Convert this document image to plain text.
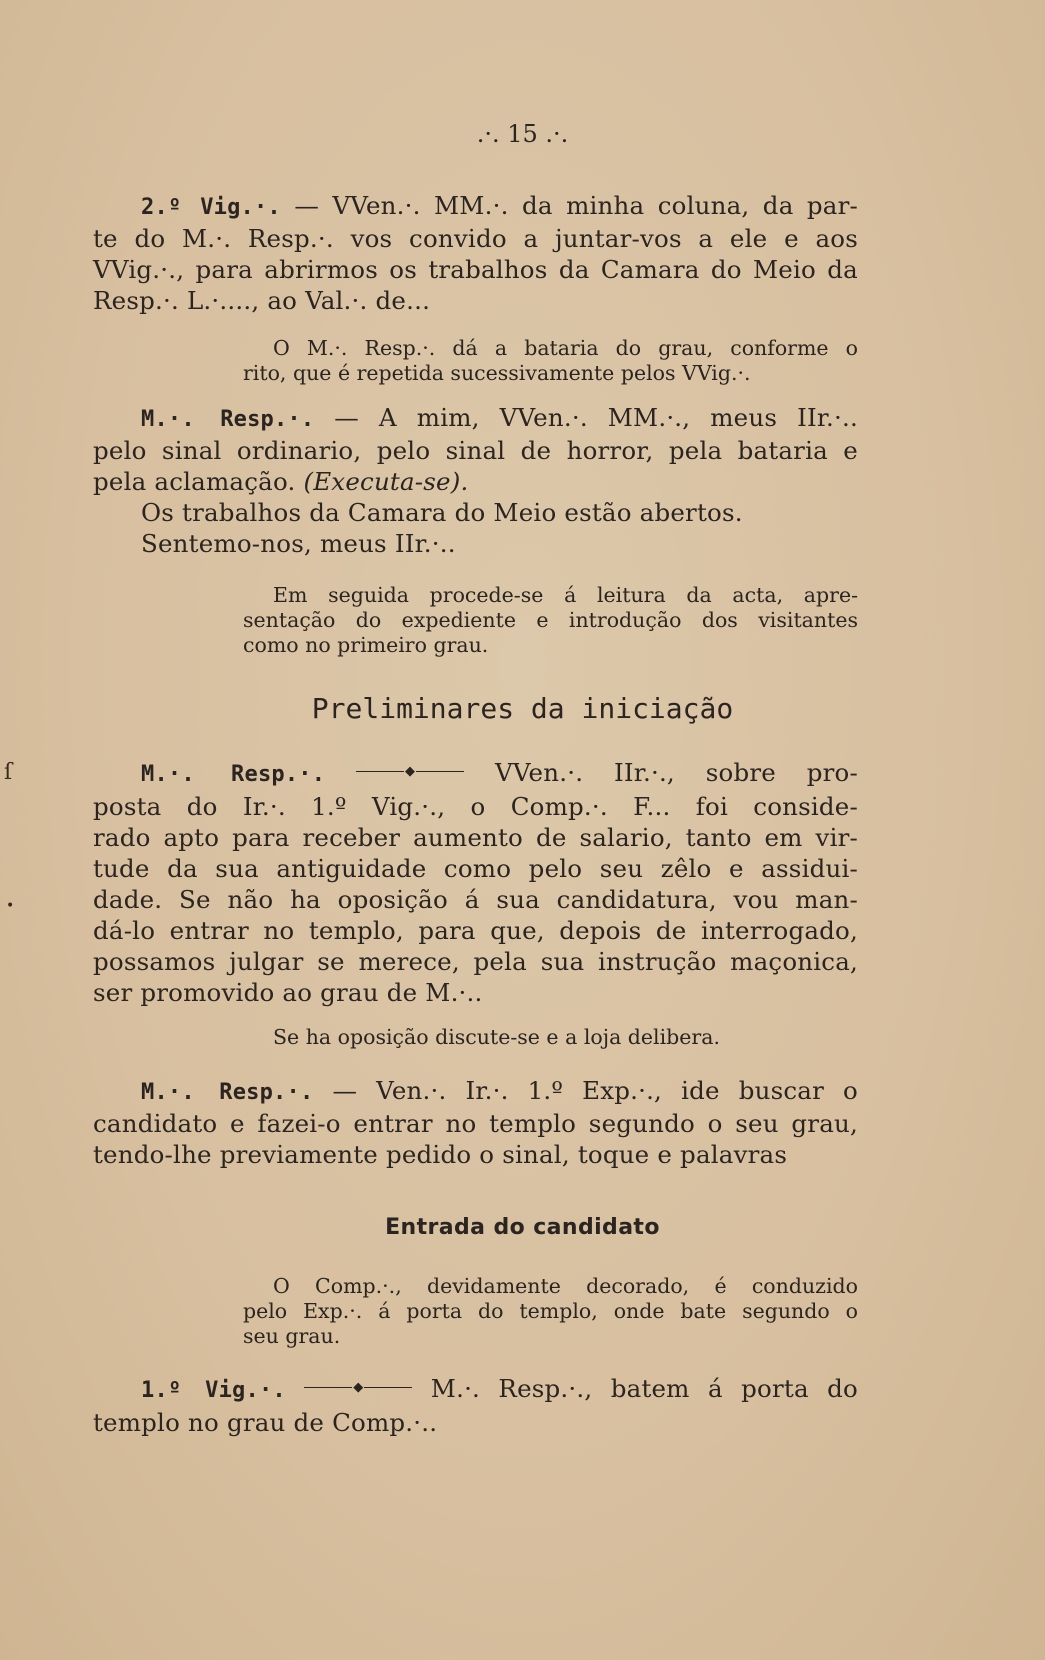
.·. 15 .·.
2.º Vig.·. — VVen.·. MM.·. da minha coluna, da par-
te do M.·. Resp.·. vos convido a juntar-vos a ele e aos
VVig.·., para abrirmos os trabalhos da Camara do Meio da
Resp.·. L.·...., ao Val.·. de...
O M.·. Resp.·. dá a bataria do grau, conforme o
rito, que é repetida sucessivamente pelos VVig.·.
M.·. Resp.·. — A mim, VVen.·. MM.·., meus IIr.·..
pelo sinal ordinario, pelo sinal de horror, pela bataria e
pela aclamação. (Executa-se).
Os trabalhos da Camara do Meio estão abertos.
Sentemo-nos, meus IIr.·..
Em seguida procede-se á leitura da acta, apre-
sentação do expediente e introdução dos visitantes
como no primeiro grau.
Preliminares da iniciação
M.·. Resp.·.	◆	VVen.·. IIr.·., sobre pro-
posta do Ir.·. 1.º Vig.·., o Comp.·. F... foi conside-
rado apto para receber aumento de salario, tanto em vir-
tude da sua antiguidade como pelo seu zêlo e assidui-
dade. Se não ha oposição á sua candidatura, vou man-
dá-lo entrar no templo, para que, depois de interrogado,
possamos julgar se merece, pela sua instrução maçonica,
ser promovido ao grau de M.·..
Se ha oposição discute-se e a loja delibera.
M.·. Resp.·. — Ven.·. Ir.·. 1.º Exp.·., ide buscar o
candidato e fazei-o entrar no templo segundo o seu grau,
tendo-lhe previamente pedido o sinal, toque e palavras
Entrada do candidato
O Comp.·., devidamente decorado, é conduzido
pelo Exp.·. á porta do templo, onde bate segundo o
seu grau.
1.º Vig.·.	◆	M.·. Resp.·., batem á porta do
templo no grau de Comp.·..
ſ
•
